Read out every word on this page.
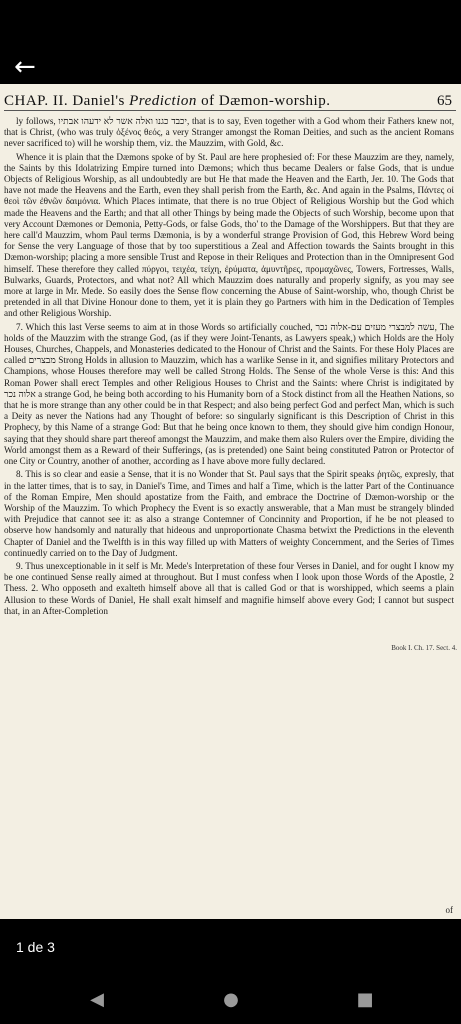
←
CHAP. II. Daniel's Prediction of Dæmon-worship.	65

ly follows, יכבד כגנו ואלה אשר לא ידעהו אבתיו, that is to say, Even together with a God whom their Fathers knew not, that is Christ, (who was truly ὁξένος θεός, a very Stranger amongst the Roman Deities, and such as the ancient Romans never sacrificed to) will he worship them, viz. the Mauzzim, with Gold, &c.

Whence it is plain that the Dæmons spoke of by St. Paul are here prophesied of: For these Mauzzim are they, namely, the Saints by this Idolatrizing Empire turned into Dæmons; which thus became Dealers or false Gods, that is undue Objects of Religious Worship, as all undoubtedly are but He that made the Heaven and the Earth, Jer. 10. The Gods that have not made the Heavens and the Earth, even they shall perish from the Earth, &c. And again in the Psalms, Πάντες οἱ θεοὶ τῶν ἐθνῶν δαιμόνια. Which Places intimate, that there is no true Object of Religious Worship but the God which made the Heavens and the Earth; and that all other Things by being made the Objects of such Worship, become upon that very Account Dæmones or Demonia, Petty-Gods, or false Gods, tho' to the Damage of the Worshippers. But that they are here call'd Mauzzim, whom Paul terms Dæmonia, is by a wonderful strange Provision of God, this Hebrew Word being for Sense the very Language of those that by too superstitious a Zeal and Affection towards the Saints brought in this Dæmon-worship; placing a more sensible Trust and Repose in their Reliques and Protection than in the Omnipresent God himself. These therefore they called πύργοι, τειχέα, τείχη, ἐρύματα, ἀμυντῆρες, προμαχῶνες, Towers, Fortresses, Walls, Bulwarks, Guards, Protectors, and what not? All which Mauzzim does naturally and properly signify, as you may see more at large in Mr. Mede. So easily does the Sense flow concerning the Abuse of Saint-worship, who, though Christ be pretended in all that Divine Honour done to them, yet it is plain they go Partners with him in the Dedication of Temples and other Religious Worship.

7. Which this last Verse seems to aim at in those Words so artificially couched, עשה למבצרי מעזים עם-אלוה נכר, The holds of the Mauzzim with the strange God, (as if they were Joint-Tenants, as Lawyers speak,) which Holds are the Holy Houses, Churches, Chappels, and Monasteries dedicated to the Honour of Christ and the Saints. For these Holy Places are called מבצרים Strong Holds in allusion to Mauzzim, which has a warlike Sense in it, and signifies military Protectors and Champions, whose Houses therefore may well be called Strong Holds. The Sense of the whole Verse is this: And this Roman Power shall erect Temples and other Religious Houses to Christ and the Saints: where Christ is indigitated by אלוה נכר a strange God, he being both according to his Humanity born of a Stock distinct from all the Heathen Nations, so that he is more strange than any other could be in that Respect; and also being perfect God and perfect Man, which is such a Deity as never the Nations had any Thought of before: so singularly significant is this Description of Christ in this Prophecy, by this Name of a strange God: But that he being once known to them, they should give him condign Honour, saying that they should share part thereof amongst the Mauzzim, and make them also Rulers over the Empire, dividing the World amongst them as a Reward of their Sufferings, (as is pretended) one Saint being constituted Patron or Protector of one City or Country, another of another, according as I have above more fully declared.

8. This is so clear and easie a Sense, that it is no Wonder that St. Paul says that the Spirit speaks ῥητῶς, expresly, that in the latter times, that is to say, in Daniel's Time, and Times and half a Time, which is the latter Part of the Continuance of the Roman Empire, Men should apostatize from the Faith, and embrace the Doctrine of Dæmon-worship or the Worship of the Mauzzim. To which Prophecy the Event is so exactly answerable, that a Man must be strangely blinded with Prejudice that cannot see it: as also a strange Contemner of Concinnity and Proportion, if he be not pleased to observe how handsomly and naturally that hideous and unproportionate Chasma betwixt the Predictions in the eleventh Chapter of Daniel and the Twelfth is in this way filled up with Matters of weighty Concernment, and the Series of Times continuedly carried on to the Day of Judgment.

9. Thus unexceptionable in it self is Mr. Mede's Interpretation of these four Verses in Daniel, and for ought I know my be one continued Sense really aimed at throughout. But I must confess when I look upon those Words of the Apostle, 2 Thess. 2. Who opposeth and exalteth himself above all that is called God or that is worshipped, which seems a plain Allusion to these Words of Daniel, He shall exalt himself and magnifie himself above every God; I cannot but suspect that, in an After-Completion

Book I. Ch. 17. Sect. 4.
of
1 de 3
◀	●	■
